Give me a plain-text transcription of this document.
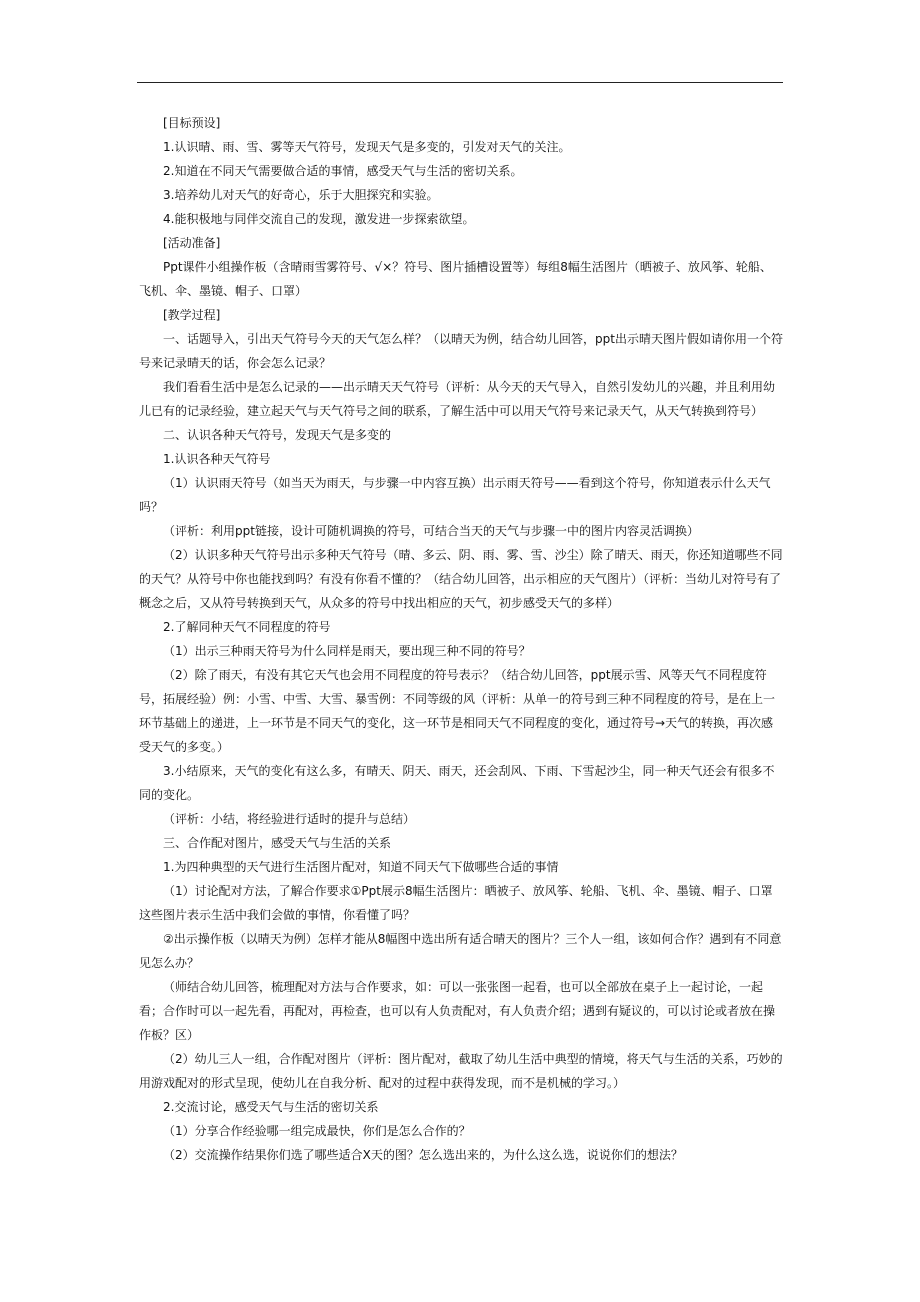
[目标预设]

1.认识晴、雨、雪、雾等天气符号，发现天气是多变的，引发对天气的关注。

2.知道在不同天气需要做合适的事情，感受天气与生活的密切关系。

3.培养幼儿对天气的好奇心，乐于大胆探究和实验。

4.能积极地与同伴交流自己的发现，激发进一步探索欲望。

[活动准备]

Ppt课件小组操作板（含晴雨雪雾符号、√×？符号、图片插槽设置等）每组8幅生活图片（晒被子、放风筝、轮船、飞机、伞、墨镜、帽子、口罩）

[教学过程]

一、话题导入，引出天气符号今天的天气怎么样？（以晴天为例，结合幼儿回答，ppt出示晴天图片假如请你用一个符号来记录晴天的话，你会怎么记录？

我们看看生活中是怎么记录的——出示晴天天气符号（评析：从今天的天气导入，自然引发幼儿的兴趣，并且利用幼儿已有的记录经验，建立起天气与天气符号之间的联系，了解生活中可以用天气符号来记录天气，从天气转换到符号）

二、认识各种天气符号，发现天气是多变的

1.认识各种天气符号

（1）认识雨天符号（如当天为雨天，与步骤一中内容互换）出示雨天符号——看到这个符号，你知道表示什么天气吗？

（评析：利用ppt链接，设计可随机调换的符号，可结合当天的天气与步骤一中的图片内容灵活调换）

（2）认识多种天气符号出示多种天气符号（晴、多云、阴、雨、雾、雪、沙尘）除了晴天、雨天，你还知道哪些不同的天气？从符号中你也能找到吗？有没有你看不懂的？（结合幼儿回答，出示相应的天气图片）（评析：当幼儿对符号有了概念之后，又从符号转换到天气，从众多的符号中找出相应的天气，初步感受天气的多样）

2.了解同种天气不同程度的符号

（1）出示三种雨天符号为什么同样是雨天，要出现三种不同的符号？

（2）除了雨天，有没有其它天气也会用不同程度的符号表示？（结合幼儿回答，ppt展示雪、风等天气不同程度符号，拓展经验）例：小雪、中雪、大雪、暴雪例：不同等级的风（评析：从单一的符号到三种不同程度的符号，是在上一环节基础上的递进，上一环节是不同天气的变化，这一环节是相同天气不同程度的变化，通过符号→天气的转换，再次感受天气的多变。）

3.小结原来，天气的变化有这么多，有晴天、阴天、雨天，还会刮风、下雨、下雪起沙尘，同一种天气还会有很多不同的变化。

（评析：小结，将经验进行适时的提升与总结）

三、合作配对图片，感受天气与生活的关系

1.为四种典型的天气进行生活图片配对，知道不同天气下做哪些合适的事情

（1）讨论配对方法，了解合作要求①Ppt展示8幅生活图片：晒被子、放风筝、轮船、飞机、伞、墨镜、帽子、口罩这些图片表示生活中我们会做的事情，你看懂了吗？

②出示操作板（以晴天为例）怎样才能从8幅图中选出所有适合晴天的图片？三个人一组，该如何合作？遇到有不同意见怎么办？

（师结合幼儿回答，梳理配对方法与合作要求，如：可以一张张图一起看，也可以全部放在桌子上一起讨论，一起看；合作时可以一起先看，再配对，再检查，也可以有人负责配对，有人负责介绍；遇到有疑议的，可以讨论或者放在操作板？区）

（2）幼儿三人一组，合作配对图片（评析：图片配对，截取了幼儿生活中典型的情境，将天气与生活的关系，巧妙的用游戏配对的形式呈现，使幼儿在自我分析、配对的过程中获得发现，而不是机械的学习。）

2.交流讨论，感受天气与生活的密切关系

（1）分享合作经验哪一组完成最快，你们是怎么合作的？

（2）交流操作结果你们选了哪些适合X天的图？怎么选出来的，为什么这么选，说说你们的想法？
